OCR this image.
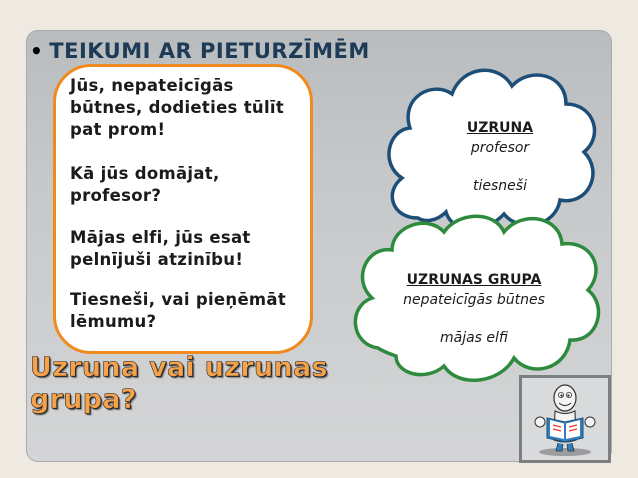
• TEIKUMI AR PIETURZĪMĒM
Jūs, nepateicīgās
būtnes, dodieties tūlīt
pat prom!
Kā jūs domājat,
profesor?
Mājas elfi, jūs esat
pelnījuši atzinību!
Tiesneši, vai pieņēmāt
lēmumu?
UZRUNA
profesor
tiesneši
UZRUNAS GRUPA
nepateicīgās būtnes
mājas elfi
Uzruna vai uzrunas
grupa?
